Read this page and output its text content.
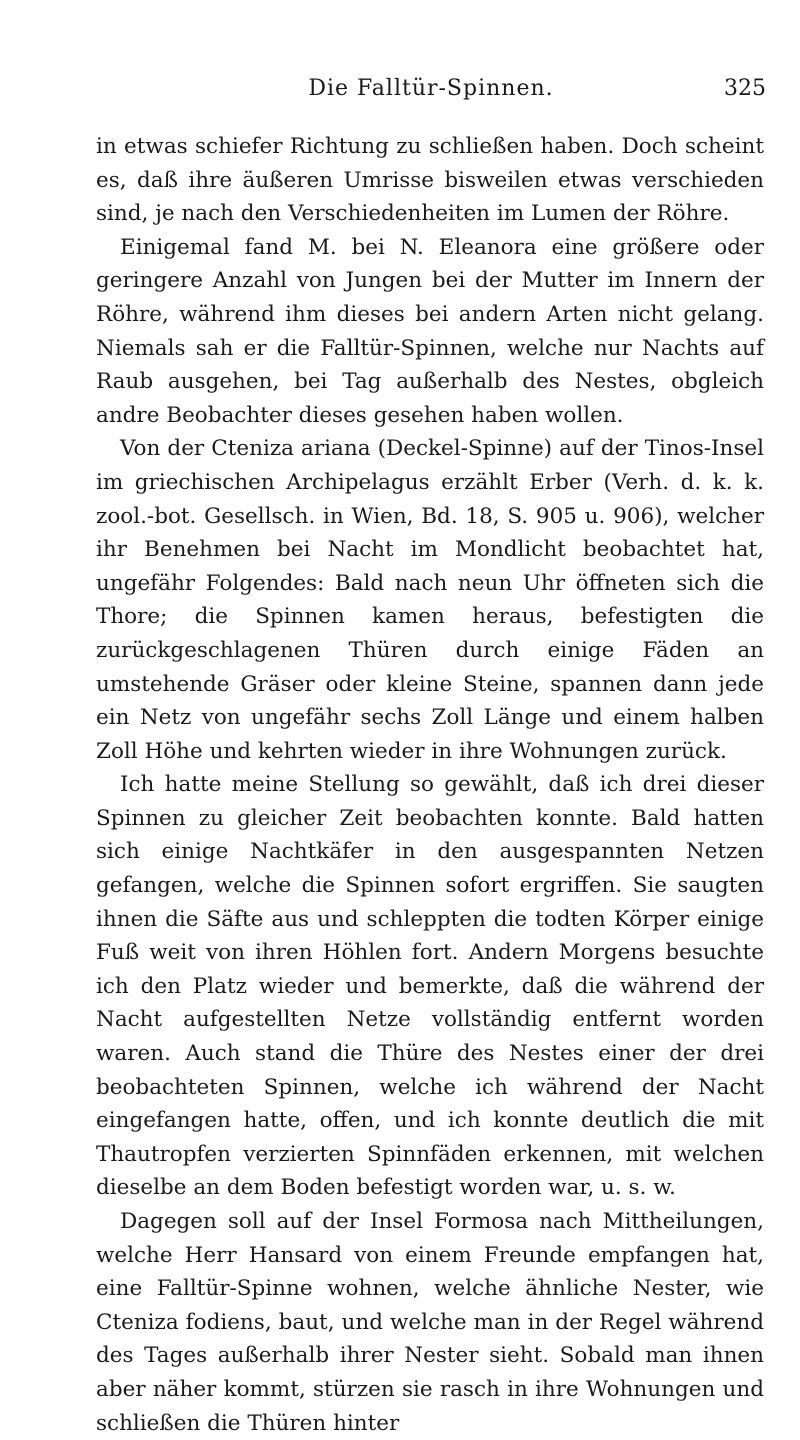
Die Falltür-Spinnen.	325

in etwas schiefer Richtung zu schließen haben. Doch scheint es, daß ihre äußeren Umrisse bisweilen etwas verschieden sind, je nach den Verschiedenheiten im Lumen der Röhre.

Einigemal fand M. bei N. Eleanora eine größere oder geringere Anzahl von Jungen bei der Mutter im Innern der Röhre, während ihm dieses bei andern Arten nicht gelang. Niemals sah er die Falltür-Spinnen, welche nur Nachts auf Raub ausgehen, bei Tag außerhalb des Nestes, obgleich andre Beobachter dieses gesehen haben wollen.

Von der Cteniza ariana (Deckel-Spinne) auf der Tinos-Insel im griechischen Archipelagus erzählt Erber (Verh. d. k. k. zool.-bot. Gesellsch. in Wien, Bd. 18, S. 905 u. 906), welcher ihr Benehmen bei Nacht im Mondlicht beobachtet hat, ungefähr Folgendes: Bald nach neun Uhr öffneten sich die Thore; die Spinnen kamen heraus, befestigten die zurückgeschlagenen Thüren durch einige Fäden an umstehende Gräser oder kleine Steine, spannen dann jede ein Netz von ungefähr sechs Zoll Länge und einem halben Zoll Höhe und kehrten wieder in ihre Wohnungen zurück.

Ich hatte meine Stellung so gewählt, daß ich drei dieser Spinnen zu gleicher Zeit beobachten konnte. Bald hatten sich einige Nachtkäfer in den ausgespannten Netzen gefangen, welche die Spinnen sofort ergriffen. Sie saugten ihnen die Säfte aus und schleppten die todten Körper einige Fuß weit von ihren Höhlen fort. Andern Morgens besuchte ich den Platz wieder und bemerkte, daß die während der Nacht aufgestellten Netze vollständig entfernt worden waren. Auch stand die Thüre des Nestes einer der drei beobachteten Spinnen, welche ich während der Nacht eingefangen hatte, offen, und ich konnte deutlich die mit Thautropfen verzierten Spinnfäden erkennen, mit welchen dieselbe an dem Boden befestigt worden war, u. s. w.

Dagegen soll auf der Insel Formosa nach Mittheilungen, welche Herr Hansard von einem Freunde empfangen hat, eine Falltür-Spinne wohnen, welche ähnliche Nester, wie Cteniza fodiens, baut, und welche man in der Regel während des Tages außerhalb ihrer Nester sieht. Sobald man ihnen aber näher kommt, stürzen sie rasch in ihre Wohnungen und schließen die Thüren hinter
